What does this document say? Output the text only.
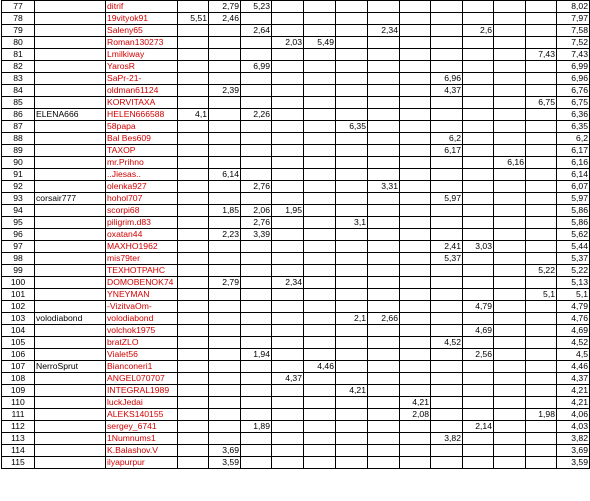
77		ditrif		2,79	5,23										8,02
78		19vityok91	5,51	2,46											7,97
79		Saleny65			2,64				2,34			2,6			7,58
80		Roman130273				2,03	5,49								7,52
81		Lmilkiway												7,43	7,43
82		YarosR			6,99										6,99
83		SaPr-21-									6,96				6,96
84		oldman61124		2,39							4,37				6,76
85		KORVITAXA												6,75	6,75
86	ELENA666	HELEN666588	4,1		2,26										6,36
87		58papa						6,35							6,35
88		Bal Bes609									6,2				6,2
89		TAXOP									6,17				6,17
90		mr.Prihno											6,16		6,16
91		..Jiesas..		6,14											6,14
92		olenka927			2,76				3,31						6,07
93	corsair777	hohol707									5,97				5,97
94		scorpi68		1,85	2,06	1,95									5,86
95		piligrim.d83			2,76			3,1							5,86
96		oxatan44		2,23	3,39										5,62
97		MAXHO1962									2,41	3,03			5,44
98		mis79ter									5,37				5,37
99		TEXHOTPAHC												5,22	5,22
100		DOMOBENOK74		2,79		2,34									5,13
101		YNEYMAN												5,1	5,1
102		-VizitvaOm-										4,79			4,79
103	volodiabond	volodiabond						2,1	2,66						4,76
104		volchok1975										4,69			4,69
105		bratZLO									4,52				4,52
106		Vialet56			1,94							2,56			4,5
107	NerroSprut	Bianconeri1					4,46								4,46
108		ANGEL070707				4,37									4,37
109		INTEGRAL1989						4,21							4,21
110		luckJedai								4,21					4,21
111		ALEKS140155								2,08				1,98	4,06
112		sergey_6741			1,89							2,14			4,03
113		1Numnums1									3,82				3,82
114		K.Balashov.V		3,69											3,69
115		ilyapurpur		3,59											3,59
